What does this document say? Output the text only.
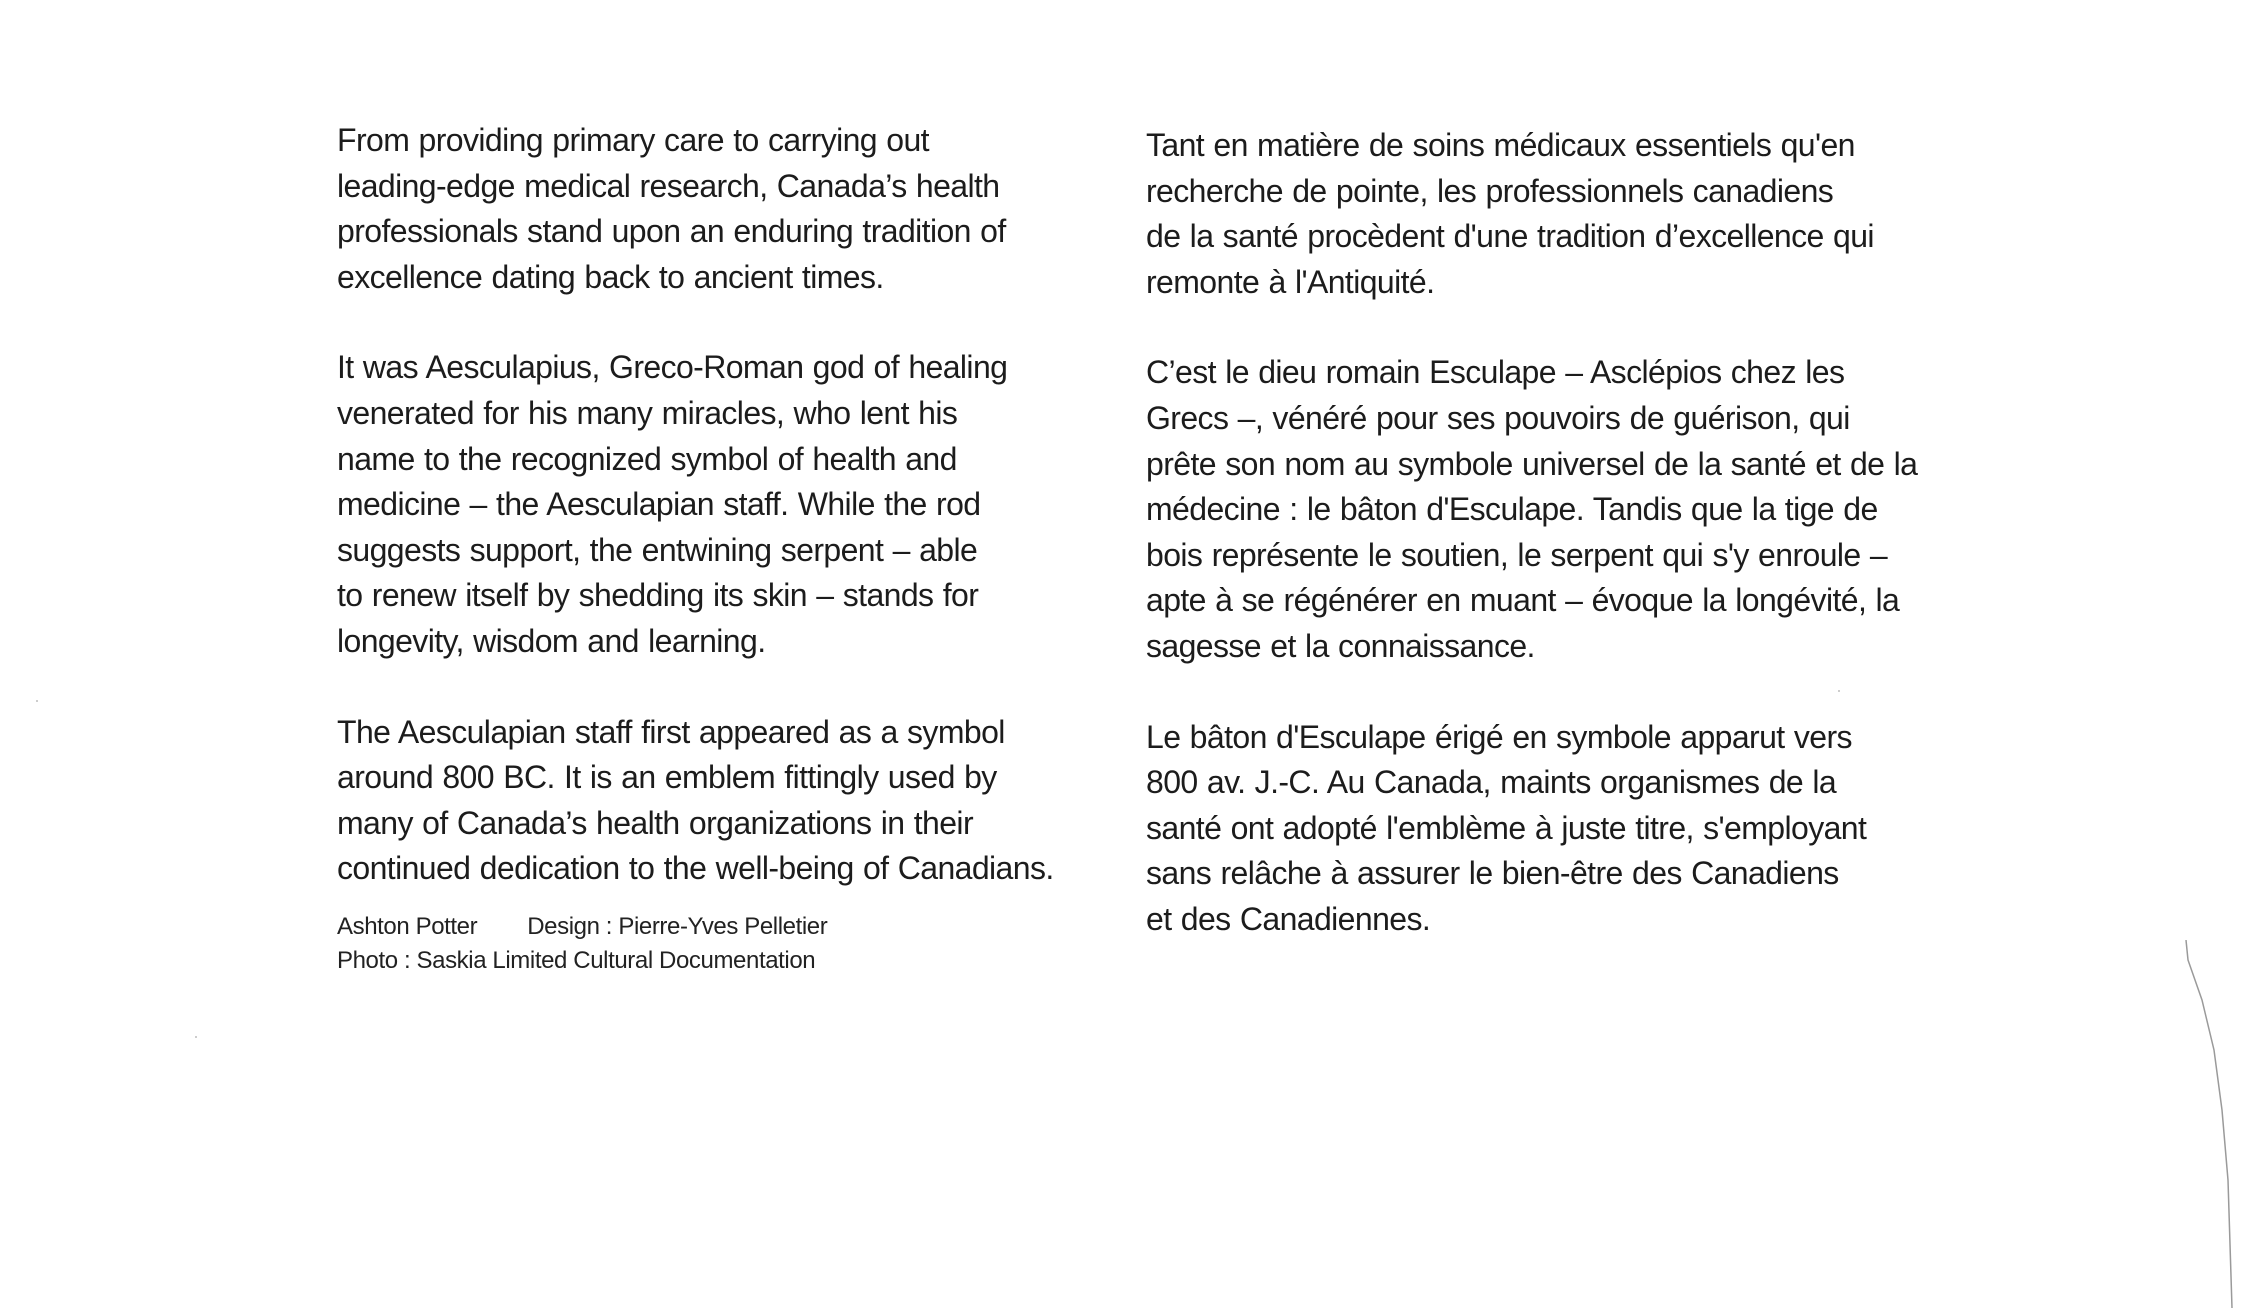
From providing primary care to carrying out
leading-edge medical research, Canada’s health
professionals stand upon an enduring tradition of
excellence dating back to ancient times.

It was Aesculapius, Greco-Roman god of healing
venerated for his many miracles, who lent his
name to the recognized symbol of health and
medicine – the Aesculapian staff. While the rod
suggests support, the entwining serpent – able
to renew itself by shedding its skin – stands for
longevity, wisdom and learning.

The Aesculapian staff first appeared as a symbol
around 800 BC. It is an emblem fittingly used by
many of Canada’s health organizations in their
continued dedication to the well-being of Canadians.

Ashton Potter Design : Pierre-Yves Pelletier
Photo : Saskia Limited Cultural Documentation

Tant en matière de soins médicaux essentiels qu'en
recherche de pointe, les professionnels canadiens
de la santé procèdent d'une tradition d’excellence qui
remonte à l'Antiquité.

C’est le dieu romain Esculape – Asclépios chez les
Grecs –, vénéré pour ses pouvoirs de guérison, qui
prête son nom au symbole universel de la santé et de la
médecine : le bâton d'Esculape. Tandis que la tige de
bois représente le soutien, le serpent qui s'y enroule –
apte à se régénérer en muant – évoque la longévité, la
sagesse et la connaissance.

Le bâton d'Esculape érigé en symbole apparut vers
800 av. J.-C. Au Canada, maints organismes de la
santé ont adopté l'emblème à juste titre, s'employant
sans relâche à assurer le bien-être des Canadiens
et des Canadiennes.
